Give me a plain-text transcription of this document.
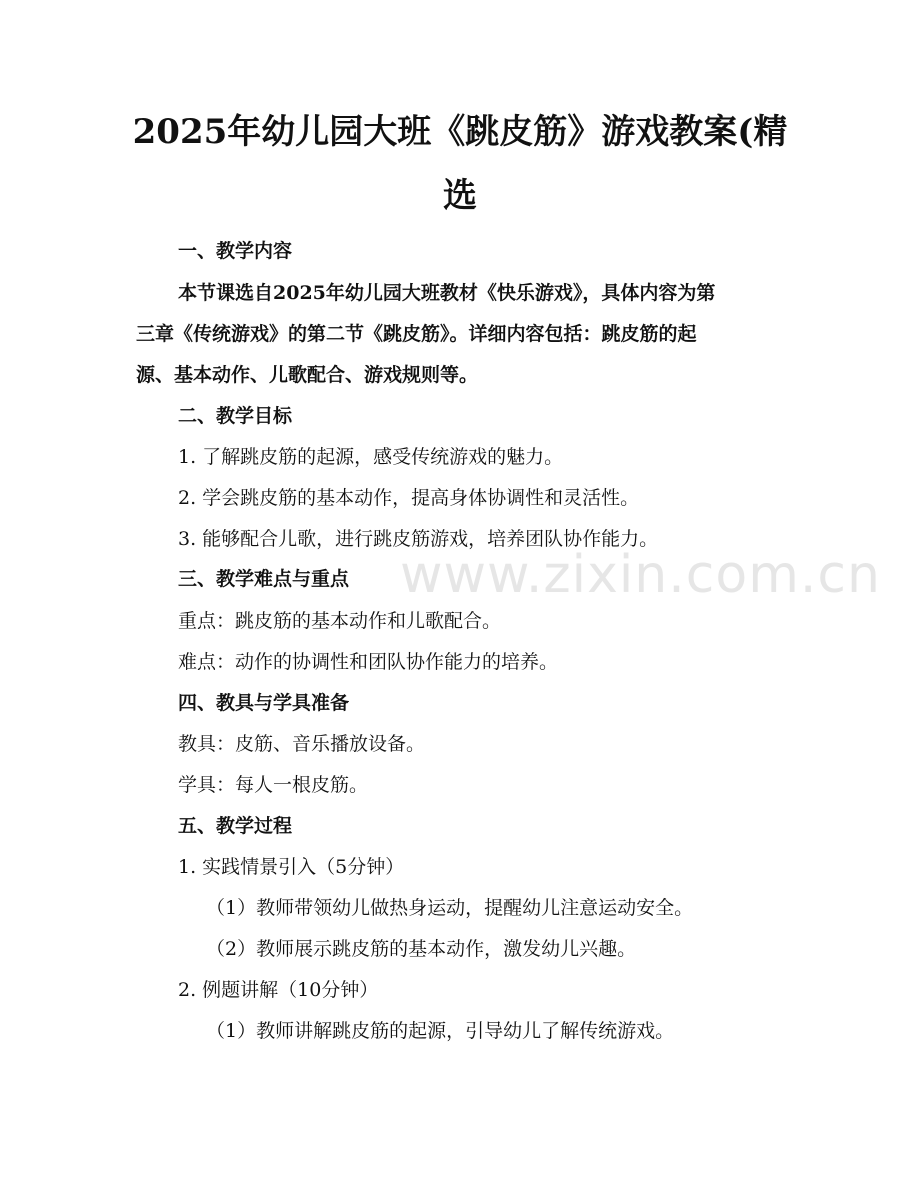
www.zixin.com.cn
2025年幼儿园大班《跳皮筋》游戏教案(精
选
一、教学内容
本节课选自2025年幼儿园大班教材《快乐游戏》，具体内容为第
三章《传统游戏》的第二节《跳皮筋》。详细内容包括：跳皮筋的起
源、基本动作、儿歌配合、游戏规则等。
二、教学目标
1. 了解跳皮筋的起源，感受传统游戏的魅力。
2. 学会跳皮筋的基本动作，提高身体协调性和灵活性。
3. 能够配合儿歌，进行跳皮筋游戏，培养团队协作能力。
三、教学难点与重点
重点：跳皮筋的基本动作和儿歌配合。
难点：动作的协调性和团队协作能力的培养。
四、教具与学具准备
教具：皮筋、音乐播放设备。
学具：每人一根皮筋。
五、教学过程
1. 实践情景引入（5分钟）
（1）教师带领幼儿做热身运动，提醒幼儿注意运动安全。
（2）教师展示跳皮筋的基本动作，激发幼儿兴趣。
2. 例题讲解（10分钟）
（1）教师讲解跳皮筋的起源，引导幼儿了解传统游戏。
